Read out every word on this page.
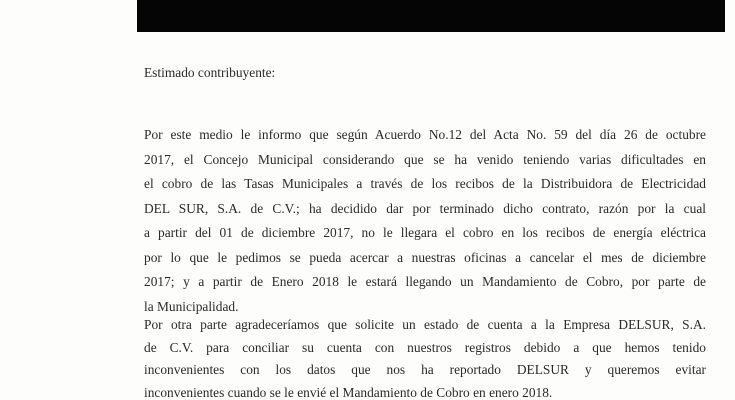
Estimado contribuyente:
Por este medio le informo que según Acuerdo No.12 del Acta No. 59 del día 26 de octubre
2017, el Concejo Municipal considerando que se ha venido teniendo varias dificultades en
el cobro de las Tasas Municipales a través de los recibos de la Distribuidora de Electricidad
DEL SUR, S.A. de C.V.; ha decidido dar por terminado dicho contrato, razón por la cual
a partir del 01 de diciembre 2017, no le llegara el cobro en los recibos de energía eléctrica
por lo que le pedimos se pueda acercar a nuestras oficinas a cancelar el mes de diciembre
2017; y a partir de Enero 2018 le estará llegando un Mandamiento de Cobro, por parte de
la Municipalidad.
Por otra parte agradeceríamos que solicite un estado de cuenta a la Empresa DELSUR, S.A.
de C.V. para conciliar su cuenta con nuestros registros debido a que hemos tenido
inconvenientes con los datos que nos ha reportado DELSUR y queremos evitar
inconvenientes cuando se le envié el Mandamiento de Cobro en enero 2018.
